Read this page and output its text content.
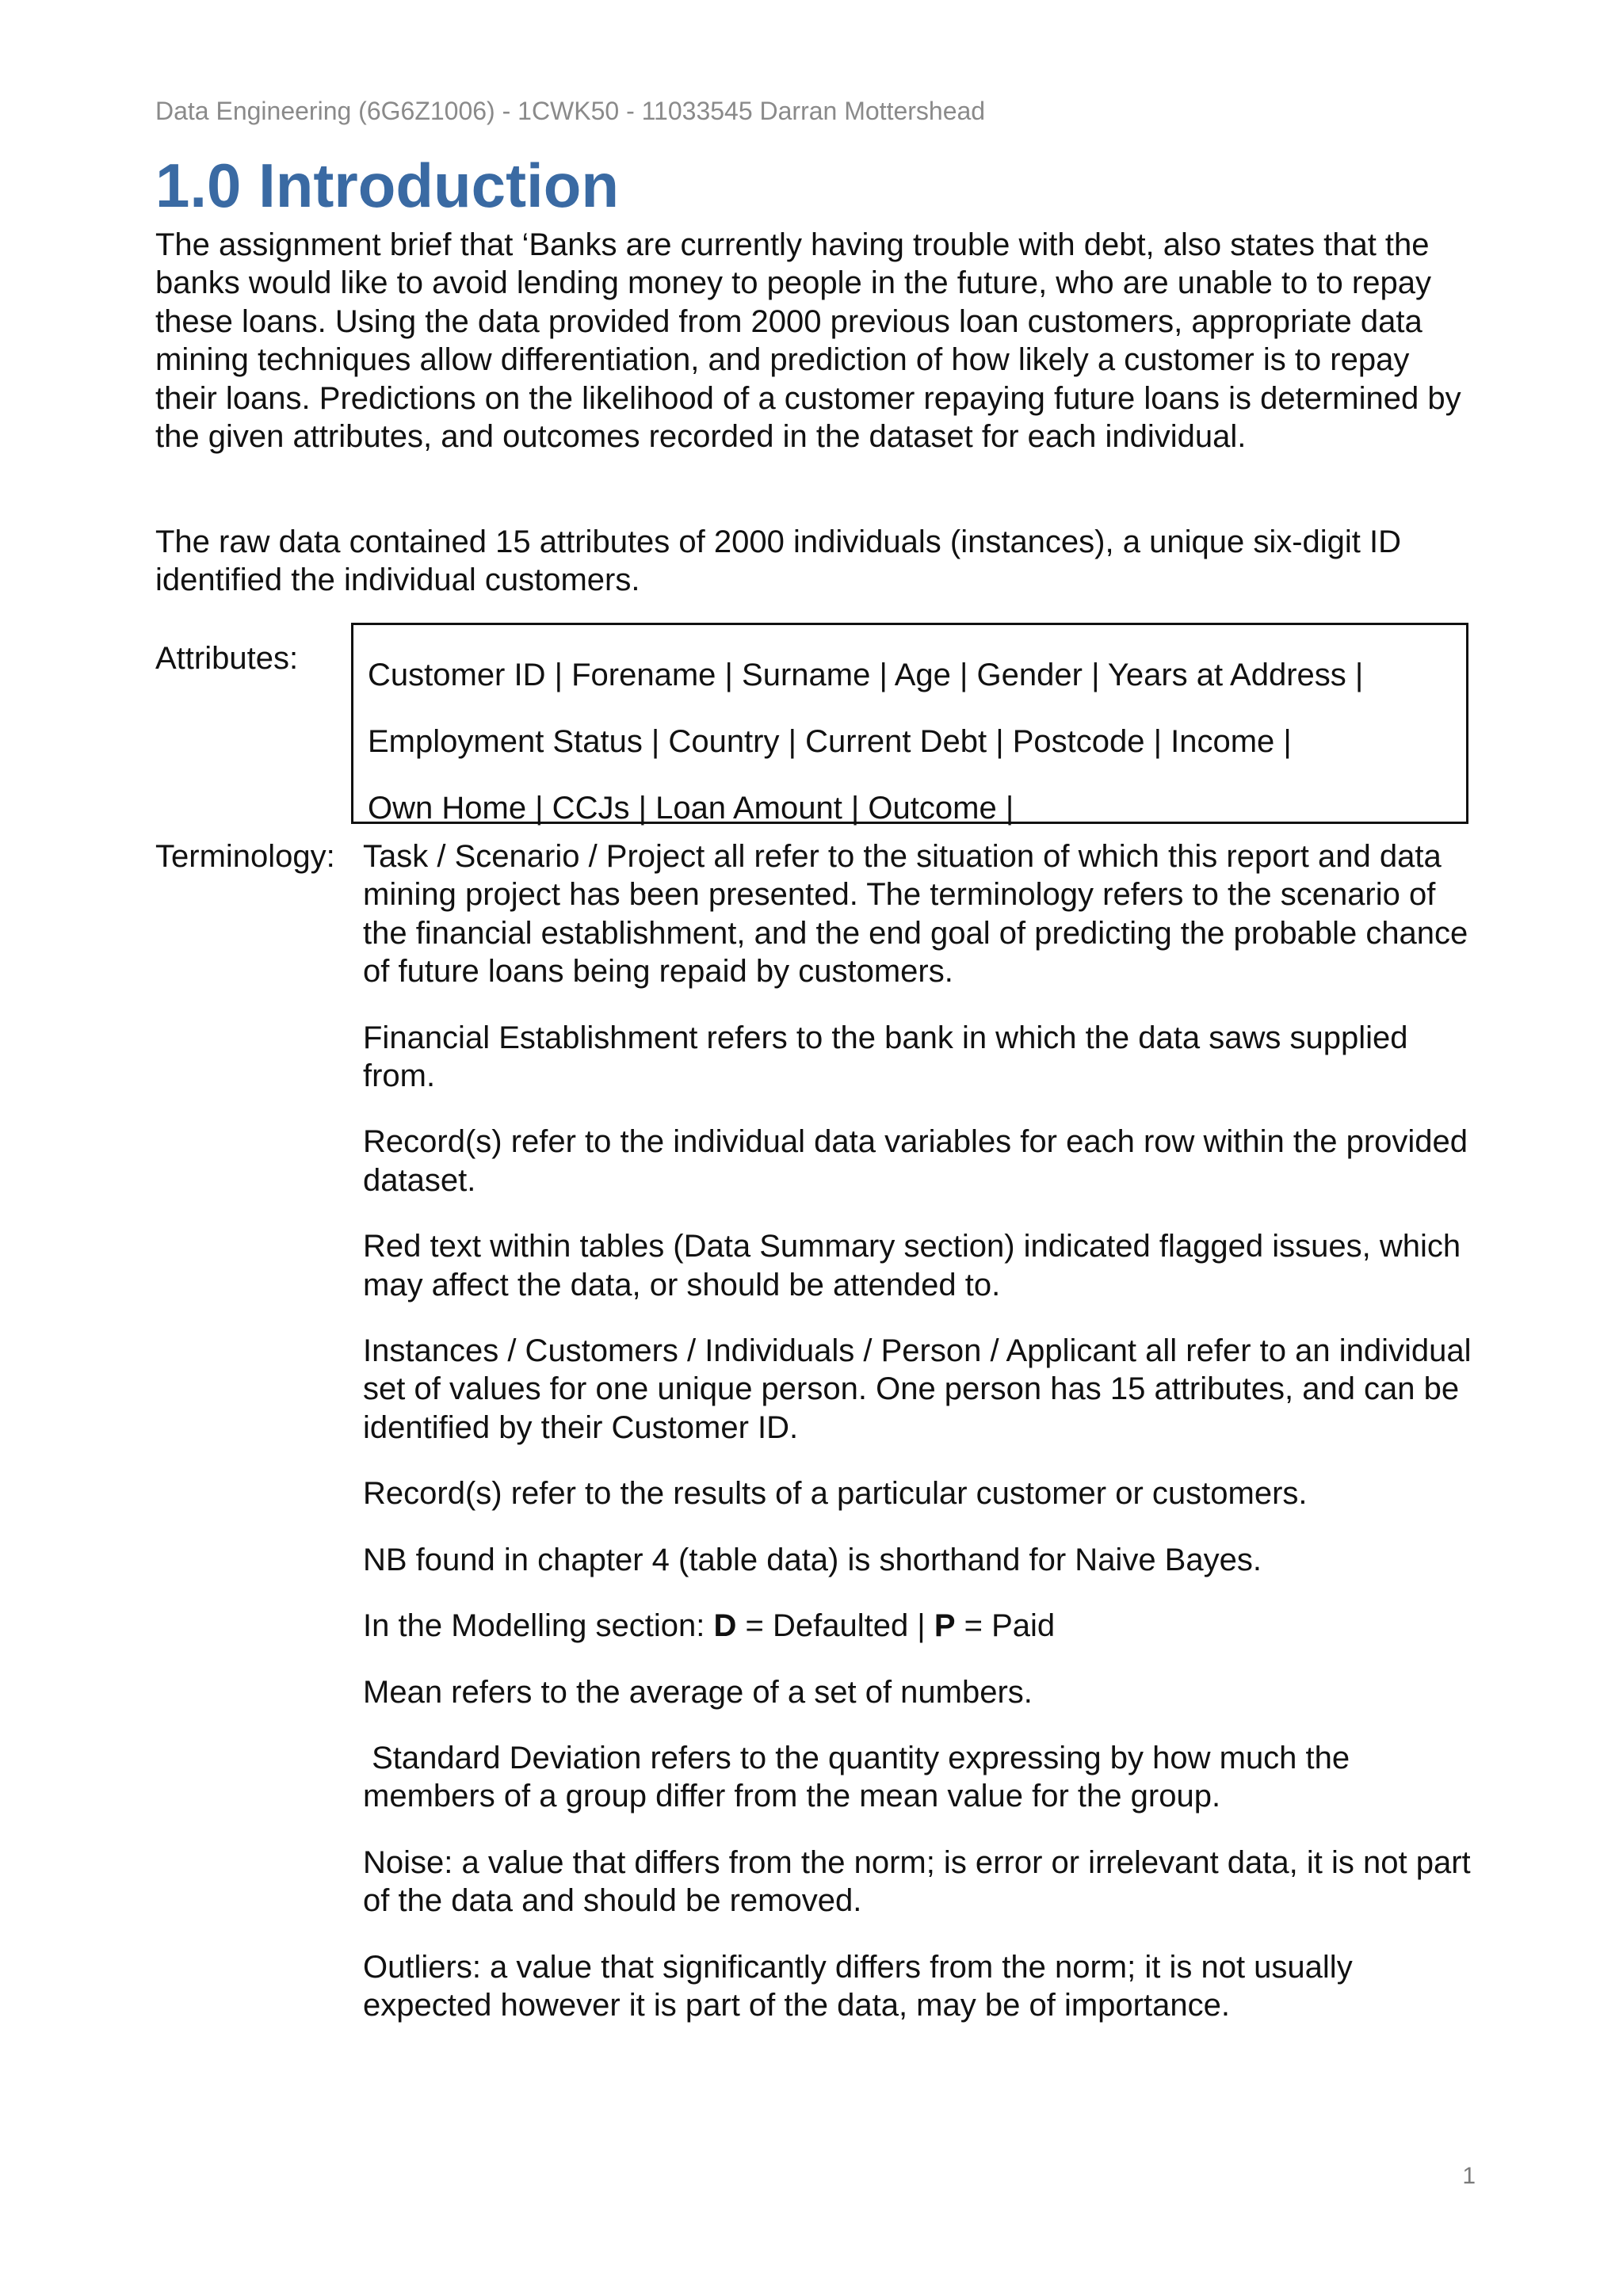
Data Engineering (6G6Z1006) - 1CWK50 - 11033545 Darran Mottershead
1.0 Introduction

The assignment brief that ‘Banks are currently having trouble with debt, also states that the banks would like to avoid lending money to people in the future, who are unable to to repay these loans. Using the data provided from 2000 previous loan customers, appropriate data mining techniques allow differentiation, and prediction of how likely a customer is to repay their loans. Predictions on the likelihood of a customer repaying future loans is determined by the given attributes, and outcomes recorded in the dataset for each individual.

The raw data contained 15 attributes of 2000 individuals (instances), a unique six-digit ID identified the individual customers.

Attributes: Customer ID | Forename | Surname | Age | Gender | Years at Address |
Employment Status | Country | Current Debt | Postcode | Income |
Own Home | CCJs | Loan Amount | Outcome |
Terminology: Task / Scenario / Project all refer to the situation of which this report and data mining project has been presented. The terminology refers to the scenario of the financial establishment, and the end goal of predicting the probable chance of future loans being repaid by customers.

Financial Establishment refers to the bank in which the data saws supplied from.

Record(s) refer to the individual data variables for each row within the provided dataset.

Red text within tables (Data Summary section) indicated flagged issues, which may affect the data, or should be attended to.

Instances / Customers / Individuals / Person / Applicant all refer to an individual set of values for one unique person. One person has 15 attributes, and can be identified by their Customer ID.

Record(s) refer to the results of a particular customer or customers.

NB found in chapter 4 (table data) is shorthand for Naive Bayes.

In the Modelling section: D = Defaulted | P = Paid

Mean refers to the average of a set of numbers.

Standard Deviation refers to the quantity expressing by how much the members of a group differ from the mean value for the group.

Noise: a value that differs from the norm; is error or irrelevant data, it is not part of the data and should be removed.

Outliers: a value that significantly differs from the norm; it is not usually expected however it is part of the data, may be of importance.

1
